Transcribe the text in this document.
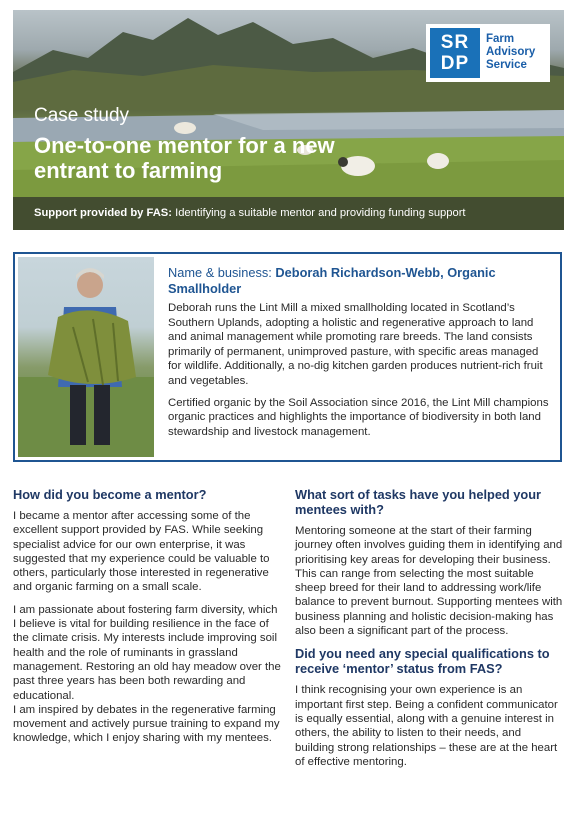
Case study
One-to-one mentor for a new entrant to farming
Support provided by FAS: Identifying a suitable mentor and providing funding support
SR
DP
Farm
Advisory
Service
Name & business: Deborah Richardson-Webb, Organic Smallholder

Deborah runs the Lint Mill a mixed smallholding located in Scotland’s Southern Uplands, adopting a holistic and regenerative approach to land and animal management while promoting rare breeds. The land consists primarily of permanent, unimproved pasture, with specific areas managed for wildlife. Additionally, a no-dig kitchen garden produces nutrient-rich fruit and vegetables.

Certified organic by the Soil Association since 2016, the Lint Mill champions organic practices and highlights the importance of biodiversity in both land stewardship and livestock management.

How did you become a mentor?

I became a mentor after accessing some of the excellent support provided by FAS. While seeking specialist advice for our own enterprise, it was suggested that my experience could be valuable to others, particularly those interested in regenerative and organic farming on a small scale.

I am passionate about fostering farm diversity, which I believe is vital for building resilience in the face of the climate crisis. My interests include improving soil health and the role of ruminants in grassland management. Restoring an old hay meadow over the past three years has been both rewarding and educational.

I am inspired by debates in the regenerative farming movement and actively pursue training to expand my knowledge, which I enjoy sharing with my mentees.

What sort of tasks have you helped your mentees with?

Mentoring someone at the start of their farming journey often involves guiding them in identifying and prioritising key areas for developing their business. This can range from selecting the most suitable sheep breed for their land to addressing work/life balance to prevent burnout. Supporting mentees with business planning and holistic decision-making has also been a significant part of the process.

Did you need any special qualifications to receive ‘mentor’ status from FAS?

I think recognising your own experience is an important first step. Being a confident communicator is equally essential, along with a genuine interest in others, the ability to listen to their needs, and building strong relationships – these are at the heart of effective mentoring.
